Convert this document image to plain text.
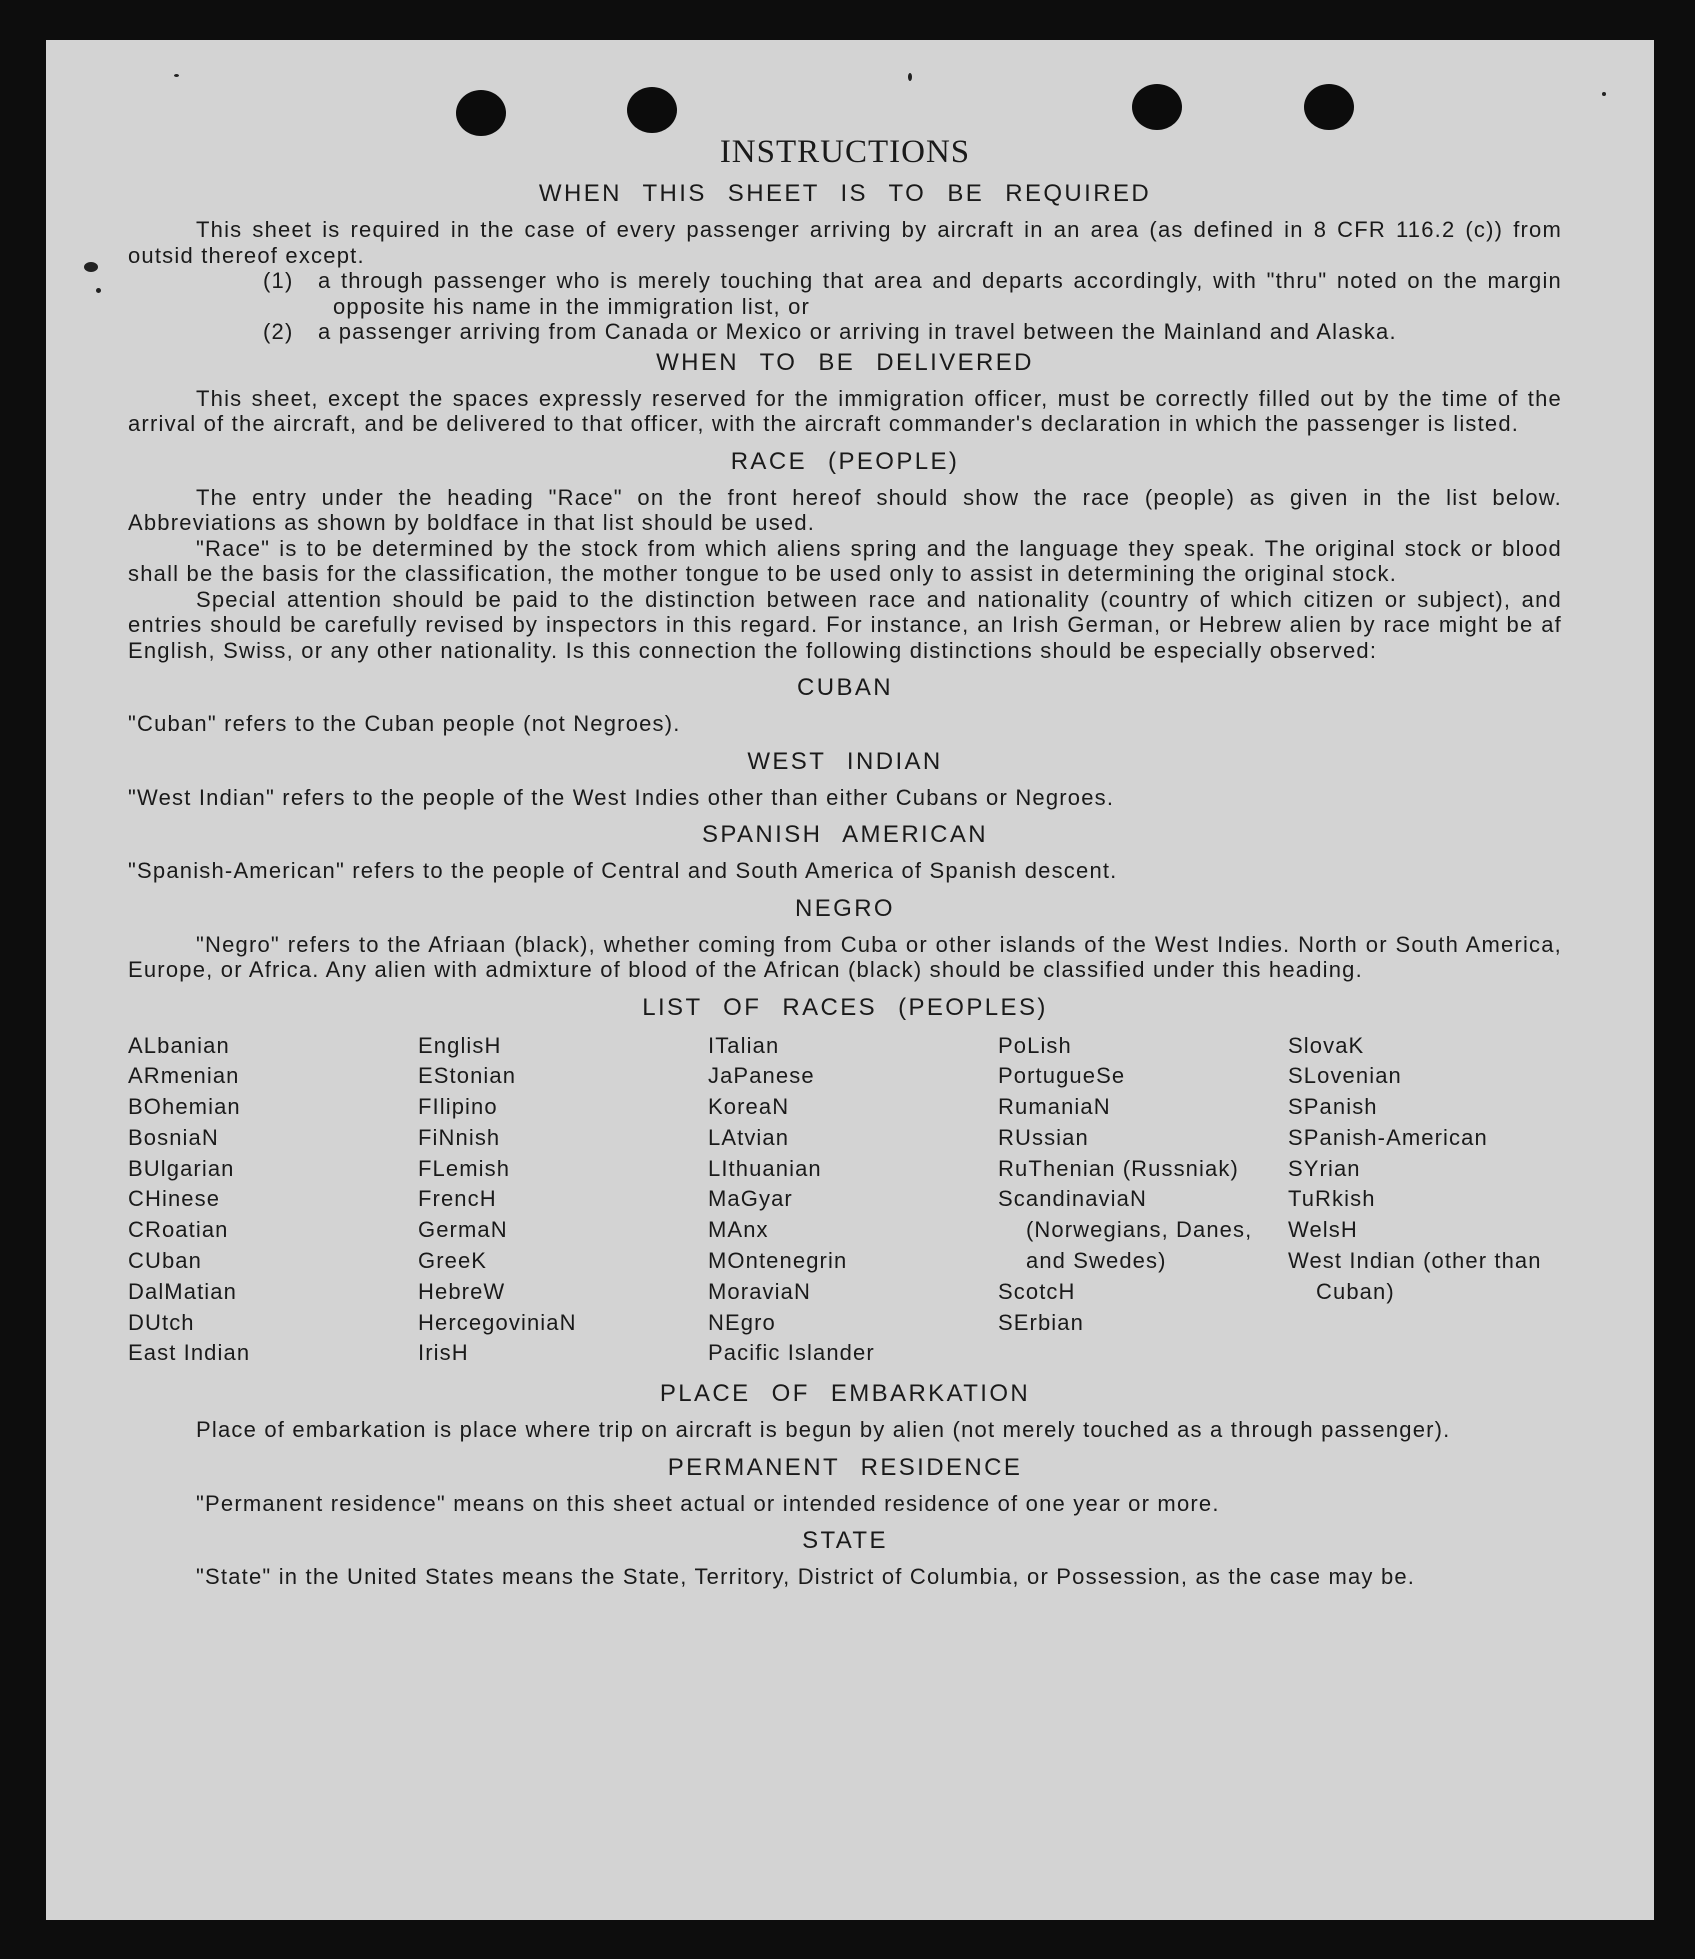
INSTRUCTIONS
WHEN THIS SHEET IS TO BE REQUIRED

This sheet is required in the case of every passenger arriving by aircraft in an area (as defined in 8 CFR 116.2 (c)) from outsid thereof except.

(1) a through passenger who is merely touching that area and departs accordingly, with "thru" noted on the margin opposite his name in the immigration list, or
(2) a passenger arriving from Canada or Mexico or arriving in travel between the Mainland and Alaska.
WHEN TO BE DELIVERED

This sheet, except the spaces expressly reserved for the immigration officer, must be correctly filled out by the time of the arrival of the aircraft, and be delivered to that officer, with the aircraft commander's declaration in which the passenger is listed.

RACE (PEOPLE)

The entry under the heading "Race" on the front hereof should show the race (people) as given in the list below. Abbreviations as shown by boldface in that list should be used.

"Race" is to be determined by the stock from which aliens spring and the language they speak. The original stock or blood shall be the basis for the classification, the mother tongue to be used only to assist in determining the original stock.

Special attention should be paid to the distinction between race and nationality (country of which citizen or subject), and entries should be carefully revised by inspectors in this regard. For instance, an Irish German, or Hebrew alien by race might be af English, Swiss, or any other nationality. Is this connection the following distinctions should be especially observed:

CUBAN

"Cuban" refers to the Cuban people (not Negroes).

WEST INDIAN

"West Indian" refers to the people of the West Indies other than either Cubans or Negroes.

SPANISH AMERICAN

"Spanish-American" refers to the people of Central and South America of Spanish descent.

NEGRO

"Negro" refers to the Afriaan (black), whether coming from Cuba or other islands of the West Indies. North or South America, Europe, or Africa. Any alien with admixture of blood of the African (black) should be classified under this heading.

LIST OF RACES (PEOPLES)
ALbanian
ARmenian
BOhemian
BosniaN
BUlgarian
CHinese
CRoatian
CUban
DalMatian
DUtch
East Indian
EnglisH
EStonian
FIlipino
FiNnish
FLemish
FrencH
GermaN
GreeK
HebreW
HercegoviniaN
IrisH
ITalian
JaPanese
KoreaN
LAtvian
LIthuanian
MaGyar
MAnx
MOntenegrin
MoraviaN
NEgro
Pacific Islander
PoLish
PortugueSe
RumaniaN
RUssian
RuThenian (Russniak)
ScandinaviaN (Norwegians, Danes, and Swedes)
ScotcH
SErbian
SlovaK
SLovenian
SPanish
SPanish-American
SYrian
TuRkish
WelsH
West Indian (other than Cuban)
PLACE OF EMBARKATION

Place of embarkation is place where trip on aircraft is begun by alien (not merely touched as a through passenger).

PERMANENT RESIDENCE

"Permanent residence" means on this sheet actual or intended residence of one year or more.

STATE

"State" in the United States means the State, Territory, District of Columbia, or Possession, as the case may be.
